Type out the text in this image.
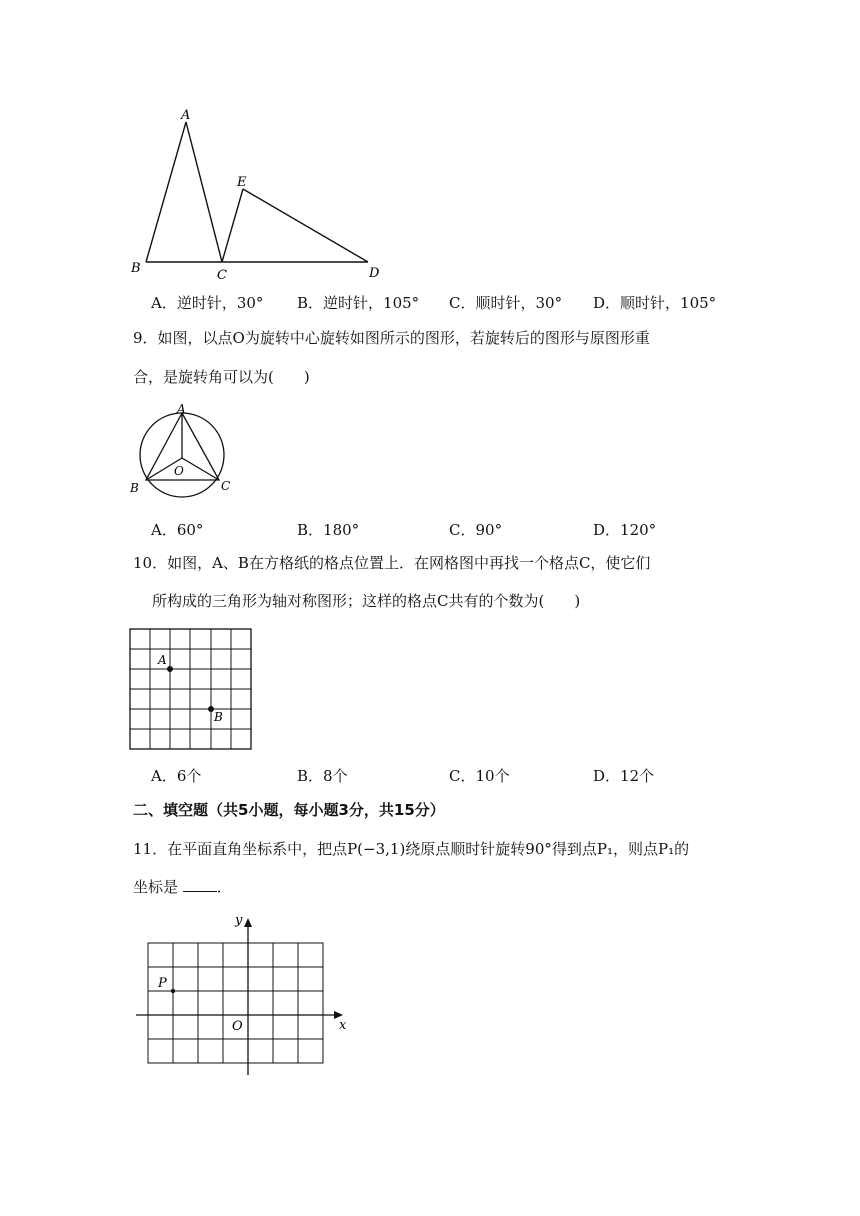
A
B	C	D
E
A．逆时针，30° B．逆时针，105° C．顺时针，30° D．顺时针，105°
9．如图，以点O为旋转中心旋转如图所示的图形，若旋转后的图形与原图形重
合，是旋转角可以为(　　)
A
B	C
O
A．60°	B．180°	C．90°	D．120°
10．如图，A、B在方格纸的格点位置上．在网格图中再找一个格点C，使它们
所构成的三角形为轴对称图形；这样的格点C共有的个数为(　　)
A
B
A．6个	B．8个	C．10个	D．12个
二、填空题（共5小题，每小题3分，共15分）
11．在平面直角坐标系中，把点P(−3,1)绕原点顺时针旋转90°得到点P₁，则点P₁的
坐标是	．
y
x
P
O
